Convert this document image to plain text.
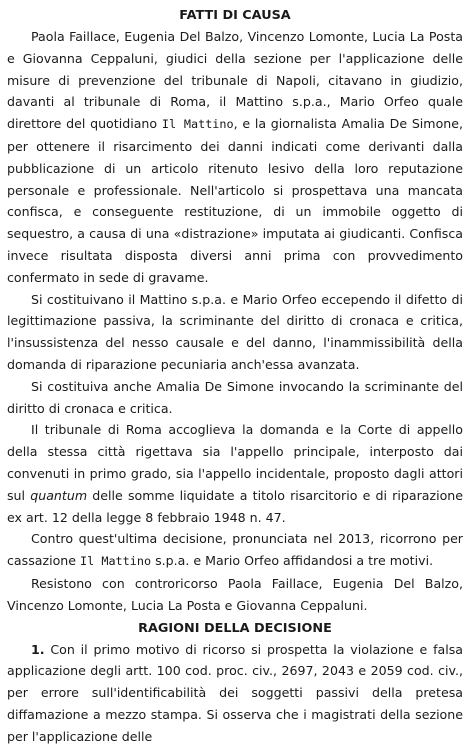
FATTI DI CAUSA

Paola Faillace, Eugenia Del Balzo, Vincenzo Lomonte, Lucia La Posta e Giovanna Ceppaluni, giudici della sezione per l'applicazione delle misure di prevenzione del tribunale di Napoli, citavano in giudizio, davanti al tribunale di Roma, il Mattino s.p.a., Mario Orfeo quale direttore del quotidiano Il Mattino, e la giornalista Amalia De Simone, per ottenere il risarcimento dei danni indicati come derivanti dalla pubblicazione di un articolo ritenuto lesivo della loro reputazione personale e professionale. Nell'articolo si prospettava una mancata confisca, e conseguente restituzione, di un immobile oggetto di sequestro, a causa di una «distrazione» imputata ai giudicanti. Confisca invece risultata disposta diversi anni prima con provvedimento confermato in sede di gravame.

Si costituivano il Mattino s.p.a. e Mario Orfeo eccependo il difetto di legittimazione passiva, la scriminante del diritto di cronaca e critica, l'insussistenza del nesso causale e del danno, l'inammissibilità della domanda di riparazione pecuniaria anch'essa avanzata.

Si costituiva anche Amalia De Simone invocando la scriminante del diritto di cronaca e critica.

Il tribunale di Roma accoglieva la domanda e la Corte di appello della stessa città rigettava sia l'appello principale, interposto dai convenuti in primo grado, sia l'appello incidentale, proposto dagli attori sul quantum delle somme liquidate a titolo risarcitorio e di riparazione ex art. 12 della legge 8 febbraio 1948 n. 47.

Contro quest'ultima decisione, pronunciata nel 2013, ricorrono per cassazione Il Mattino s.p.a. e Mario Orfeo affidandosi a tre motivi.

Resistono con controricorso Paola Faillace, Eugenia Del Balzo, Vincenzo Lomonte, Lucia La Posta e Giovanna Ceppaluni.

RAGIONI DELLA DECISIONE

1. Con il primo motivo di ricorso si prospetta la violazione e falsa applicazione degli artt. 100 cod. proc. civ., 2697, 2043 e 2059 cod. civ., per errore sull'identificabilità dei soggetti passivi della pretesa diffamazione a mezzo stampa. Si osserva che i magistrati della sezione per l'applicazione delle
